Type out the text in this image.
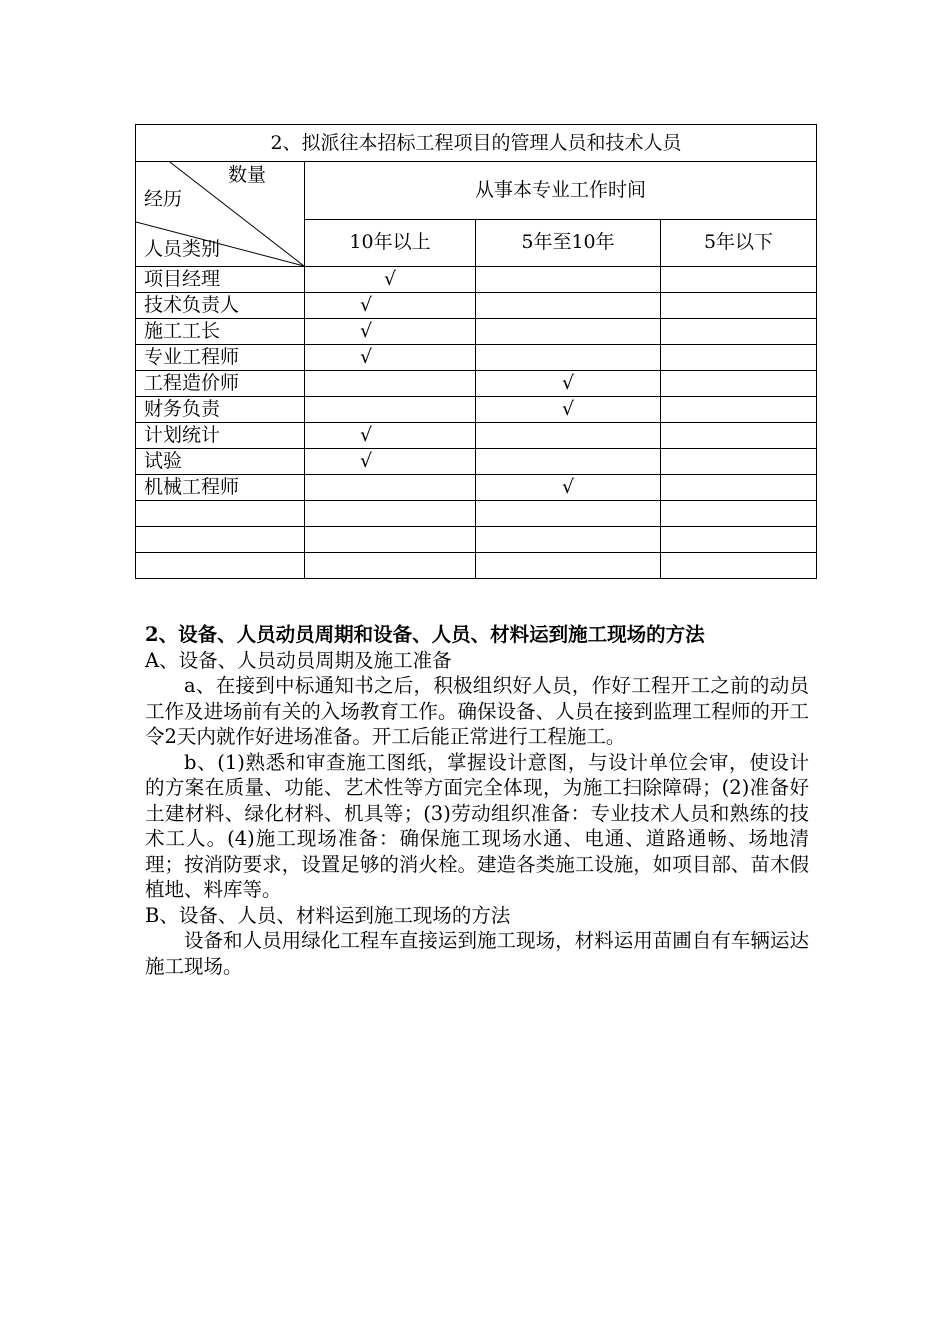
2、拟派往本招标工程项目的管理人员和技术人员			

数量
经历
人员类别	从事本专业工作时间		
	10年以上	5年至10年	5年以下
项目经理	√		
技术负责人	√		
施工工长	√		
专业工程师	√		
工程造价师		√	
财务负责		√	
计划统计	√		
试验	√		
机械工程师		√	

2、设备、人员动员周期和设备、人员、材料运到施工现场的方法

A、设备、人员动员周期及施工准备

a、在接到中标通知书之后，积极组织好人员，作好工程开工之前的动员工作及进场前有关的入场教育工作。确保设备、人员在接到监理工程师的开工令2天内就作好进场准备。开工后能正常进行工程施工。

b、(1)熟悉和审查施工图纸，掌握设计意图，与设计单位会审，使设计的方案在质量、功能、艺术性等方面完全体现，为施工扫除障碍；(2)准备好土建材料、绿化材料、机具等；(3)劳动组织准备：专业技术人员和熟练的技术工人。(4)施工现场准备：确保施工现场水通、电通、道路通畅、场地清理；按消防要求，设置足够的消火栓。建造各类施工设施，如项目部、苗木假植地、料库等。

B、设备、人员、材料运到施工现场的方法

设备和人员用绿化工程车直接运到施工现场，材料运用苗圃自有车辆运达施工现场。
